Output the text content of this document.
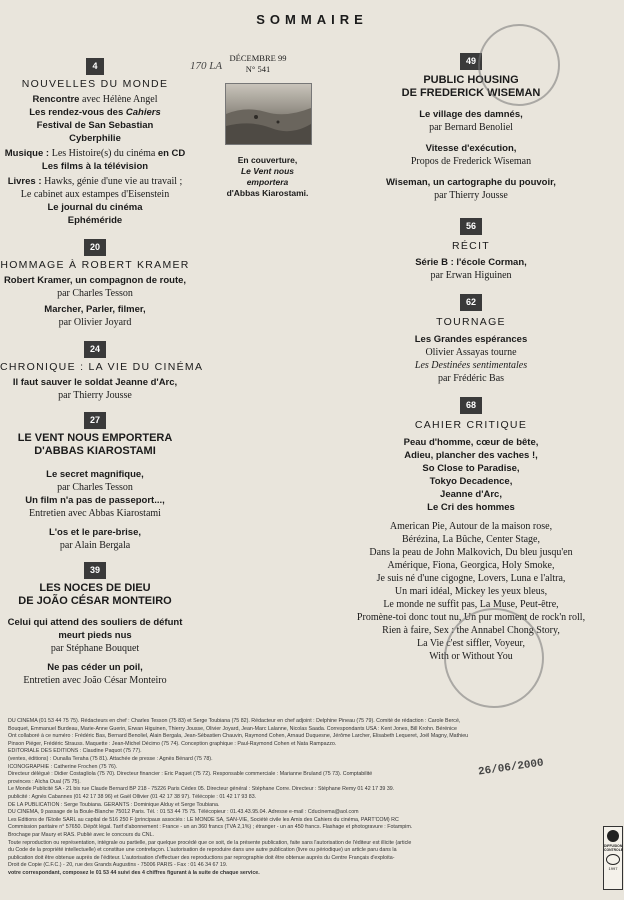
SOMMAIRE
DÉCEMBRE 99
N° 541
170 LA
En couverture,
Le Vent nous
emportera
d'Abbas Kiarostami.
4
NOUVELLES DU MONDE
Rencontre avec Hélène Angel
Les rendez-vous des Cahiers
Festival de San Sebastian
Cyberphilie
Musique : Les Histoire(s) du cinéma en CD
Les films à la télévision
Livres : Hawks, génie d'une vie au travail ;
Le cabinet aux estampes d'Eisenstein
Le journal du cinéma
Ephéméride
20
HOMMAGE À ROBERT KRAMER
Robert Kramer, un compagnon de route,
par Charles Tesson
Marcher, Parler, filmer,
par Olivier Joyard
24
CHRONIQUE : LA VIE DU CINÉMA
Il faut sauver le soldat Jeanne d'Arc,
par Thierry Jousse
27
LE VENT NOUS EMPORTERA
D'ABBAS KIAROSTAMI
Le secret magnifique,
par Charles Tesson
Un film n'a pas de passeport...,
Entretien avec Abbas Kiarostami
L'os et le pare-brise,
par Alain Bergala
39
LES NOCES DE DIEU
DE JOÃO CÉSAR MONTEIRO
Celui qui attend des souliers de défunt
meurt pieds nus
par Stéphane Bouquet
Ne pas céder un poil,
Entretien avec João César Monteiro
49
PUBLIC HOUSING
DE FREDERICK WISEMAN
Le village des damnés,
par Bernard Benoliel
Vitesse d'exécution,
Propos de Frederick Wiseman
Wiseman, un cartographe du pouvoir,
par Thierry Jousse
56
RÉCIT
Série B : l'école Corman,
par Erwan Higuinen
62
TOURNAGE
Les Grandes espérances
Olivier Assayas tourne
Les Destinées sentimentales
par Frédéric Bas
68
CAHIER CRITIQUE
Peau d'homme, cœur de bête,
Adieu, plancher des vaches !,
So Close to Paradise,
Tokyo Decadence,
Jeanne d'Arc,
Le Cri des hommes
American Pie, Autour de la maison rose,
Bérézina, La Bûche, Center Stage,
Dans la peau de John Malkovich, Du bleu jusqu'en
Amérique, Fiona, Georgica, Holy Smoke,
Je suis né d'une cigogne, Lovers, Luna e l'altra,
Un mari idéal, Mickey les yeux bleus,
Le monde ne suffit pas, La Muse, Peut-être,
Promène-toi donc tout nu, Un pur moment de rock'n roll,
Rien à faire, Sex : the Annabel Chong Story,
La Vie c'est siffler, Voyeur,
With or Without You
DU CINÉMA (01 53 44 75 75). Rédacteurs en chef : Charles Tesson (75 83) et Serge Toubiana (75 82). Rédacteur en chef adjoint : Delphine Pineau (75 79). Comité de rédaction : Carole Bercé,
Bouquet, Emmanuel Burdeau, Marie-Anne Guerin, Erwan Higuinen, Thierry Jousse, Olivier Joyard, Jean-Marc Lalanne, Nicolas Saada. Correspondants USA : Kent Jones, Bill Krohn. Bérénice
Ont collaboré à ce numéro : Frédéric Bas, Bernard Benoliel, Alain Bergala, Jean-Sébastien Chauvin, Raymond Cohen, Arnaud Duquesne, Jérôme Larcher, Elisabeth Lequeret, Joël Magny, Mathieu
Pinson Piéger, Frédéric Strauss. Maquette : Jean-Michel Décimo (75 74). Conception graphique : Paul-Raymond Cohen et Nata Rampazzo.
ÉDITORIALE DES ÉDITIONS : Claudine Paquot (75 77).
(ventes, éditions) : Ounalla Teraha (75 81). Attachée de presse : Agnès Bénard (75 78).
ICONOGRAPHIE : Catherine Frochen (75 76).
Directeur délégué : Didier Costagliola (75 70). Directeur financier : Eric Paquet (75 72). Responsable commerciale : Marianne Bruland (75 73). Comptabilité
provinces : Aïcha Oual (75 75).
Le Monde Publicité SA - 21 bis rue Claude Bernard BP 218 - 75226 Paris Cédex 05. Directeur général : Stéphane Corre. Directeur : Stéphane Remy 01 42 17 39 39.
publicité : Agnès Cabannes (01 42 17 38 96) et Gaël Ollivier (01 42 17 38 97). Télécopie : 01 42 17 93 83.
DE LA PUBLICATION : Serge Toubiana. GÉRANTS : Dominique Alduy et Serge Toubiana.
DU CINÉMA, 9 passage de la Boule-Blanche 75012 Paris. Tél. : 01 53 44 75 75. Télécopieur : 01.43.43.95.04. Adresse e-mail : Cducinema@aol.com
Les Éditions de l'Étoile SARL au capital de 516 250 F (principaux associés : LE MONDE SA, SAN-VIE, Société civile les Amis des Cahiers du cinéma, PART'COM) RC
Commission paritaire n° 57650. Dépôt légal. Tarif d'abonnement : France - un an 360 francs (TVA 2,1%) ; étranger - un an 450 francs. Flashage et photogravure : Fotampim.
Brochage par Maury et RAS. Publié avec le concours du CNL.
Toute reproduction ou représentation, intégrale ou partielle, par quelque procédé que ce soit, de la présente publication, faite sans l'autorisation de l'éditeur est illicite (article
du Code de la propriété intellectuelle) et constitue une contrefaçon. L'autorisation de reproduire dans une autre publication (livre ou périodique) un article paru dans la
publication doit être obtenue auprès de l'éditeur. L'autorisation d'effectuer des reproductions par reprographie doit être obtenue auprès du Centre Français d'exploita-
Droit de Copie (C.F.C.) - 20, rue des Grands Augustins - 75006 PARIS - Fax : 01 46 34 67 19.
votre correspondant, composez le 01 53 44 suivi des 4 chiffres figurant à la suite de chaque service.
26/06/2000
DIFFUSION CONTROLE
1997
